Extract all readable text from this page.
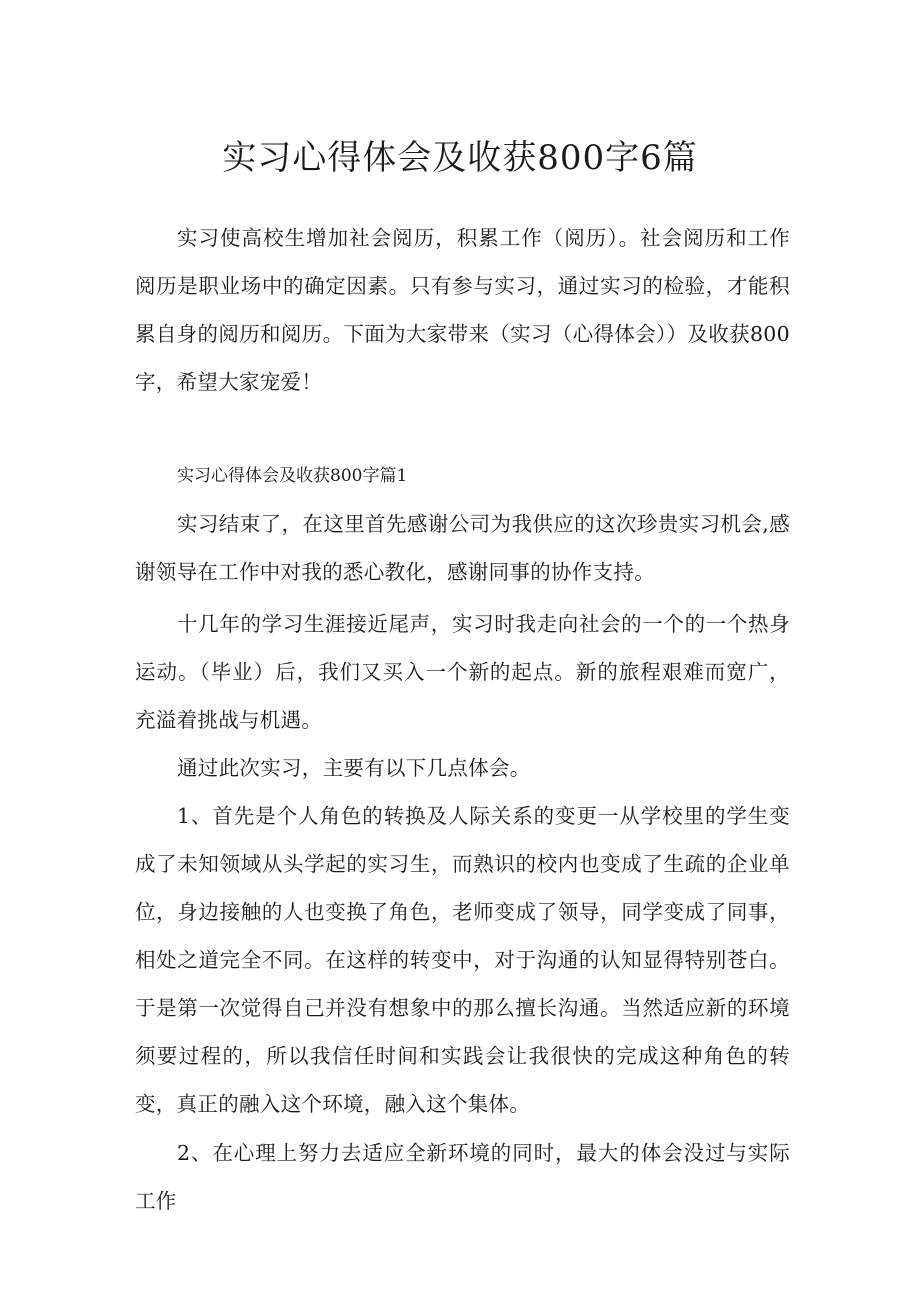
实习心得体会及收获800字6篇

实习使高校生增加社会阅历，积累工作（阅历）。社会阅历和工作阅历是职业场中的确定因素。只有参与实习，通过实习的检验，才能积累自身的阅历和阅历。下面为大家带来（实习（心得体会））及收获800字，希望大家宠爱！

实习心得体会及收获800字篇1

实习结束了，在这里首先感谢公司为我供应的这次珍贵实习机会,感谢领导在工作中对我的悉心教化，感谢同事的协作支持。

十几年的学习生涯接近尾声，实习时我走向社会的一个的一个热身运动。（毕业）后，我们又买入一个新的起点。新的旅程艰难而宽广，充溢着挑战与机遇。

通过此次实习，主要有以下几点体会。

1、首先是个人角色的转换及人际关系的变更一从学校里的学生变成了未知领域从头学起的实习生，而熟识的校内也变成了生疏的企业单位，身边接触的人也变换了角色，老师变成了领导，同学变成了同事，相处之道完全不同。在这样的转变中，对于沟通的认知显得特别苍白。于是第一次觉得自己并没有想象中的那么擅长沟通。当然适应新的环境须要过程的，所以我信任时间和实践会让我很快的完成这种角色的转变，真正的融入这个环境，融入这个集体。

2、在心理上努力去适应全新环境的同时，最大的体会没过与实际工作
